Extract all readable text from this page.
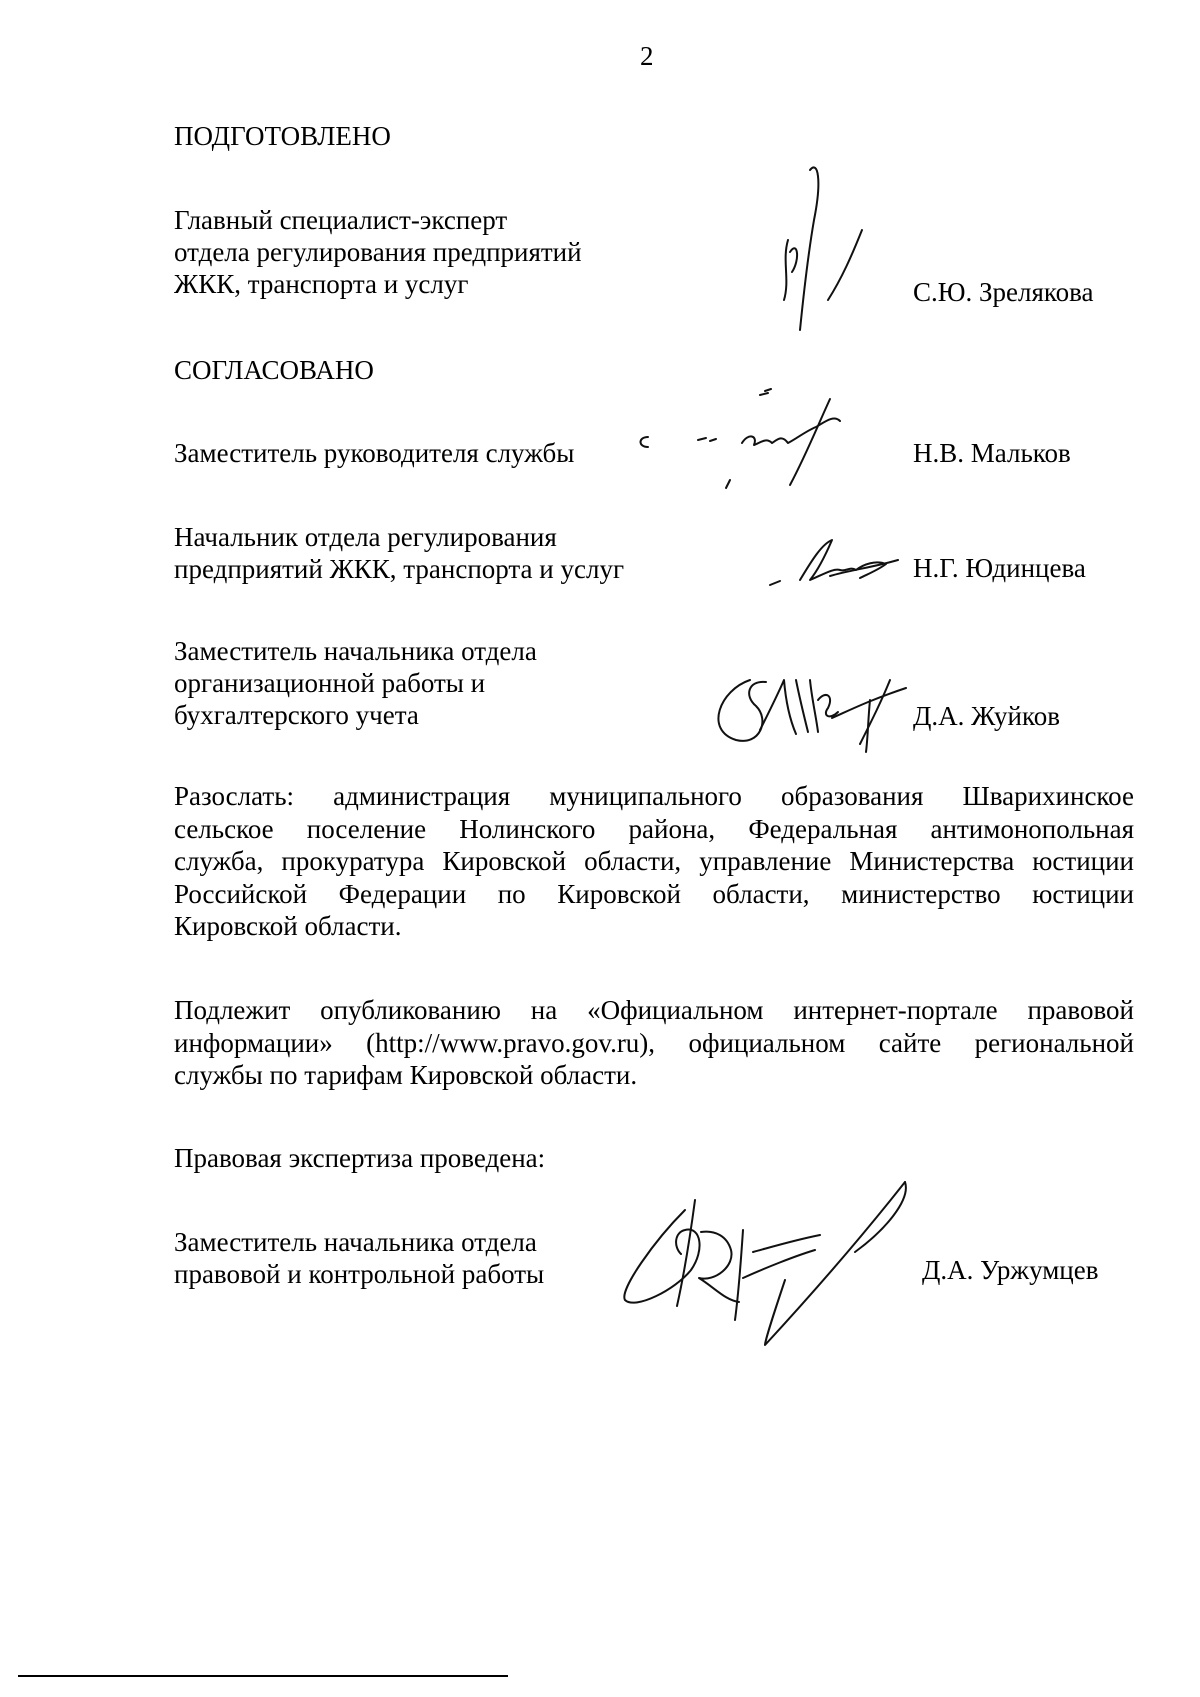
2
ПОДГОТОВЛЕНО
Главный специалист-эксперт
отдела регулирования предприятий
ЖКК, транспорта и услуг	С.Ю. Зрелякова
СОГЛАСОВАНО
Заместитель руководителя службы	Н.В. Мальков
Начальник отдела регулирования
предприятий ЖКК, транспорта и услуг	Н.Г. Юдинцева
Заместитель начальника отдела
организационной работы и
бухгалтерского учета	Д.А. Жуйков
Разослать: администрация муниципального образования Шварихинское
сельское поселение Нолинского района, Федеральная антимонопольная
служба, прокуратура Кировской области, управление Министерства юстиции
Российской Федерации по Кировской области, министерство юстиции
Кировской области.
Подлежит опубликованию на «Официальном интернет-портале правовой
информации» (http://www.pravo.gov.ru), официальном сайте региональной
службы по тарифам Кировской области.
Правовая экспертиза проведена:
Заместитель начальника отдела
правовой и контрольной работы	Д.А. Уржумцев
